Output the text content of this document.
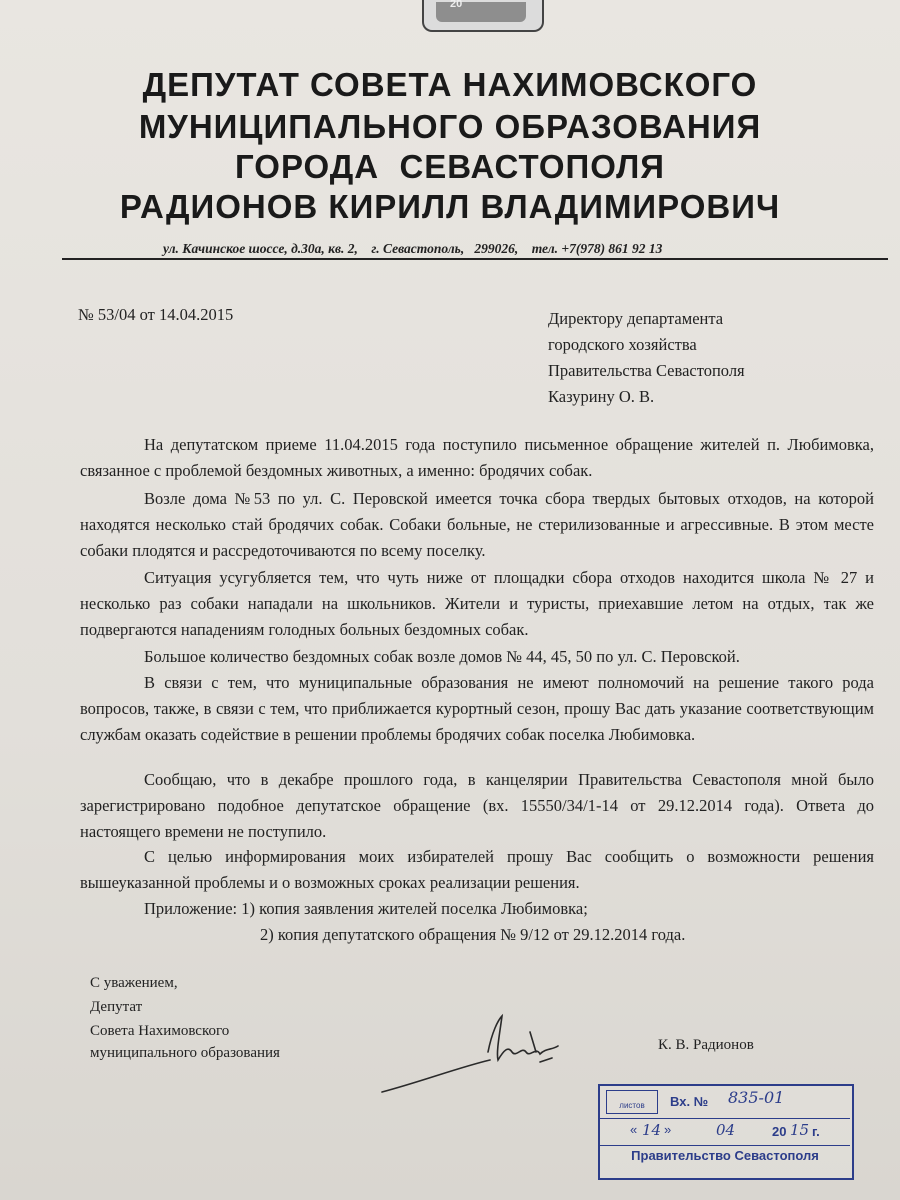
20
ДЕПУТАТ СОВЕТА НАХИМОВСКОГО
МУНИЦИПАЛЬНОГО ОБРАЗОВАНИЯ
ГОРОДА  СЕВАСТОПОЛЯ
РАДИОНОВ КИРИЛЛ ВЛАДИМИРОВИЧ
ул. Качинское шоссе, д.30а, кв. 2,    г. Севастополь,   299026,    тел. +7(978) 861 92 13
№ 53/04 от 14.04.2015	Директору департамента
городского хозяйства
Правительства Севастополя
Казурину О. В.
На депутатском приеме 11.04.2015 года поступило письменное обращение жителей п. Любимовка, связанное с проблемой бездомных животных, а именно: бродячих собак.
Возле дома №53 по ул. С. Перовской имеется точка сбора твердых бытовых отходов, на которой находятся несколько стай бродячих собак. Собаки больные, не стерилизованные и агрессивные. В этом месте собаки плодятся и рассредоточиваются по всему поселку.
Ситуация усугубляется тем, что чуть ниже от площадки сбора отходов находится школа № 27 и несколько раз собаки нападали на школьников. Жители и туристы, приехавшие летом на отдых, так же подвергаются нападениям голодных больных бездомных собак.
Большое количество бездомных собак возле домов № 44, 45, 50 по ул. С. Перовской.
В связи с тем, что муниципальные образования не имеют полномочий на решение такого рода вопросов, также, в связи с тем, что приближается курортный сезон, прошу Вас дать указание соответствующим службам оказать содействие в решении проблемы бродячих собак поселка Любимовка.
Сообщаю, что в декабре прошлого года, в канцелярии Правительства Севастополя мной было зарегистрировано подобное депутатское обращение (вх. 15550/34/1-14 от 29.12.2014 года). Ответа до настоящего времени не поступило.
С целью информирования моих избирателей прошу Вас сообщить о возможности решения вышеуказанной проблемы и о возможных сроках реализации решения.
Приложение: 1) копия заявления жителей поселка Любимовка;
2) копия депутатского обращения № 9/12 от 29.12.2014 года.
С уважением,
Депутат
Совета Нахимовского
муниципального образования	К. В. Радионов
листов	Вх. № 835-01
« 14 »	04	20 15 г.
Правительство Севастополя
